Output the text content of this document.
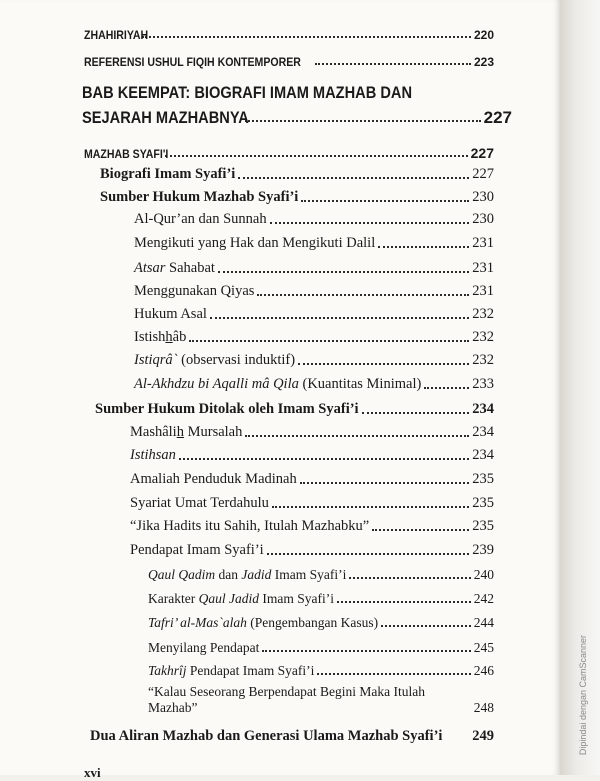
ZHAHIRIYAH	220
REFERENSI USHUL FIQIH KONTEMPORER	223
BAB KEEMPAT: BIOGRAFI IMAM MAZHAB DAN
SEJARAH MAZHABNYA	227
MAZHAB SYAFI'I	227
Biografi Imam Syafi’i	227
Sumber Hukum Mazhab Syafi’i	230
Al-Qur’an dan Sunnah	230
Mengikuti yang Hak dan Mengikuti Dalil	231
Atsar Sahabat	231
Menggunakan Qiyas	231
Hukum Asal	232
Istishhâb	232
Istiqrâ` (observasi induktif)	232
Al-Akhdzu bi Aqalli mâ Qila (Kuantitas Minimal)	233
Sumber Hukum Ditolak oleh Imam Syafi’i	234
Mashâlih Mursalah	234
Istihsan	234
Amaliah Penduduk Madinah	235
Syariat Umat Terdahulu	235
“Jika Hadits itu Sahih, Itulah Mazhabku”	235
Pendapat Imam Syafi’i	239
Qaul Qadim dan Jadid Imam Syafi’i	240
Karakter Qaul Jadid Imam Syafi’i	242
Tafri’ al-Mas`alah (Pengembangan Kasus)	244
Menyilang Pendapat	245
Takhrîj Pendapat Imam Syafi’i	246
“Kalau Seseorang Berpendapat Begini Maka Itulah
Mazhab”	248
Dua Aliran Mazhab dan Generasi Ulama Mazhab Syafi’i 249
xvi
Dipindai dengan CamScanner
